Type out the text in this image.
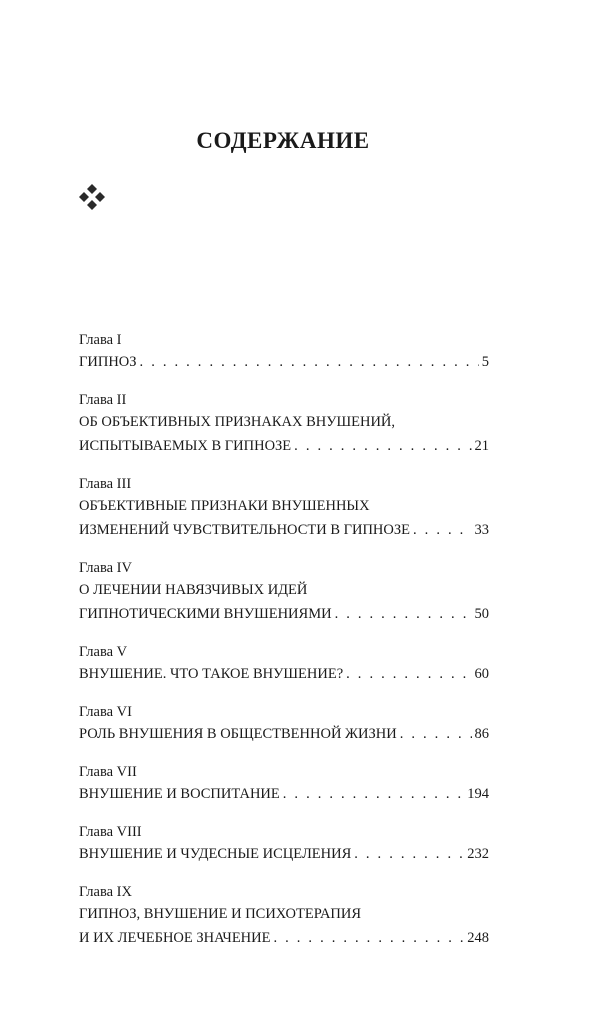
СОДЕРЖАНИЕ
Глава I
ГИПНОЗ . . .	5
Глава II
ОБ ОБЪЕКТИВНЫХ ПРИЗНАКАХ ВНУШЕНИЙ,
ИСПЫТЫВАЕМЫХ В ГИПНОЗЕ . . .	21
Глава III
ОБЪЕКТИВНЫЕ ПРИЗНАКИ ВНУШЕННЫХ
ИЗМЕНЕНИЙ ЧУВСТВИТЕЛЬНОСТИ В ГИПНОЗЕ . . .	33
Глава IV
О ЛЕЧЕНИИ НАВЯЗЧИВЫХ ИДЕЙ
ГИПНОТИЧЕСКИМИ ВНУШЕНИЯМИ . . .	50
Глава V
ВНУШЕНИЕ. ЧТО ТАКОЕ ВНУШЕНИЕ? . . .	60
Глава VI
РОЛЬ ВНУШЕНИЯ В ОБЩЕСТВЕННОЙ ЖИЗНИ . . .	86
Глава VII
ВНУШЕНИЕ И ВОСПИТАНИЕ . . .	194
Глава VIII
ВНУШЕНИЕ И ЧУДЕСНЫЕ ИСЦЕЛЕНИЯ . . .	232
Глава IX
ГИПНОЗ, ВНУШЕНИЕ И ПСИХОТЕРАПИЯ
И ИХ ЛЕЧЕБНОЕ ЗНАЧЕНИЕ . . .	248
